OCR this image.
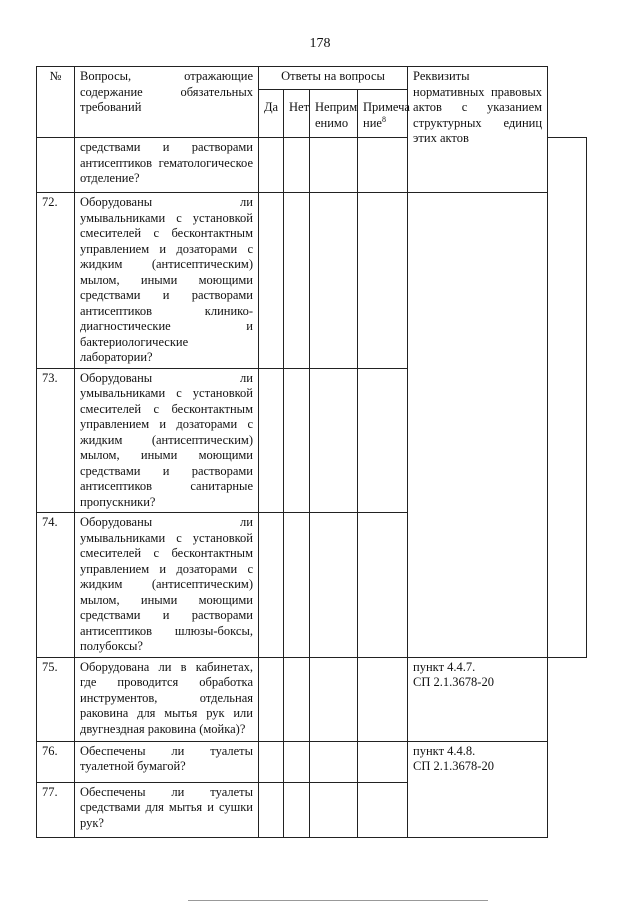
178
№	Вопросы, отражающие содержание обязательных требований	Ответы на вопросы				Реквизиты нормативных правовых актов с указанием структурных единиц этих актов	
		Да	Нет	Неприм енимо	Примеча ние$^8$
	средствами и растворами антисептиков гематологическое отделение?						
72.	Оборудованы ли умывальниками с установкой смесителей с бесконтактным управлением и дозаторами с жидким (антисептическим) мылом, иными моющими средствами и растворами антисептиков клинико-диагностические и бактериологические лаборатории?						
73.	Оборудованы ли умывальниками с установкой смесителей с бесконтактным управлением и дозаторами с жидким (антисептическим) мылом, иными моющими средствами и растворами антисептиков санитарные пропускники?						
74.	Оборудованы ли умывальниками с установкой смесителей с бесконтактным управлением и дозаторами с жидким (антисептическим) мылом, иными моющими средствами и растворами антисептиков шлюзы-боксы, полубоксы?						
75.	Оборудована ли в кабинетах, где проводится обработка инструментов, отдельная раковина для мытья рук или двугнездная раковина (мойка)?					пункт 4.4.7.
СП 2.1.3678-20	

76.	Обеспечены ли туалеты туалетной бумагой?					пункт 4.4.8.
СП 2.1.3678-20	

77.	Обеспечены ли туалеты средствами для мытья и сушки рук?						
